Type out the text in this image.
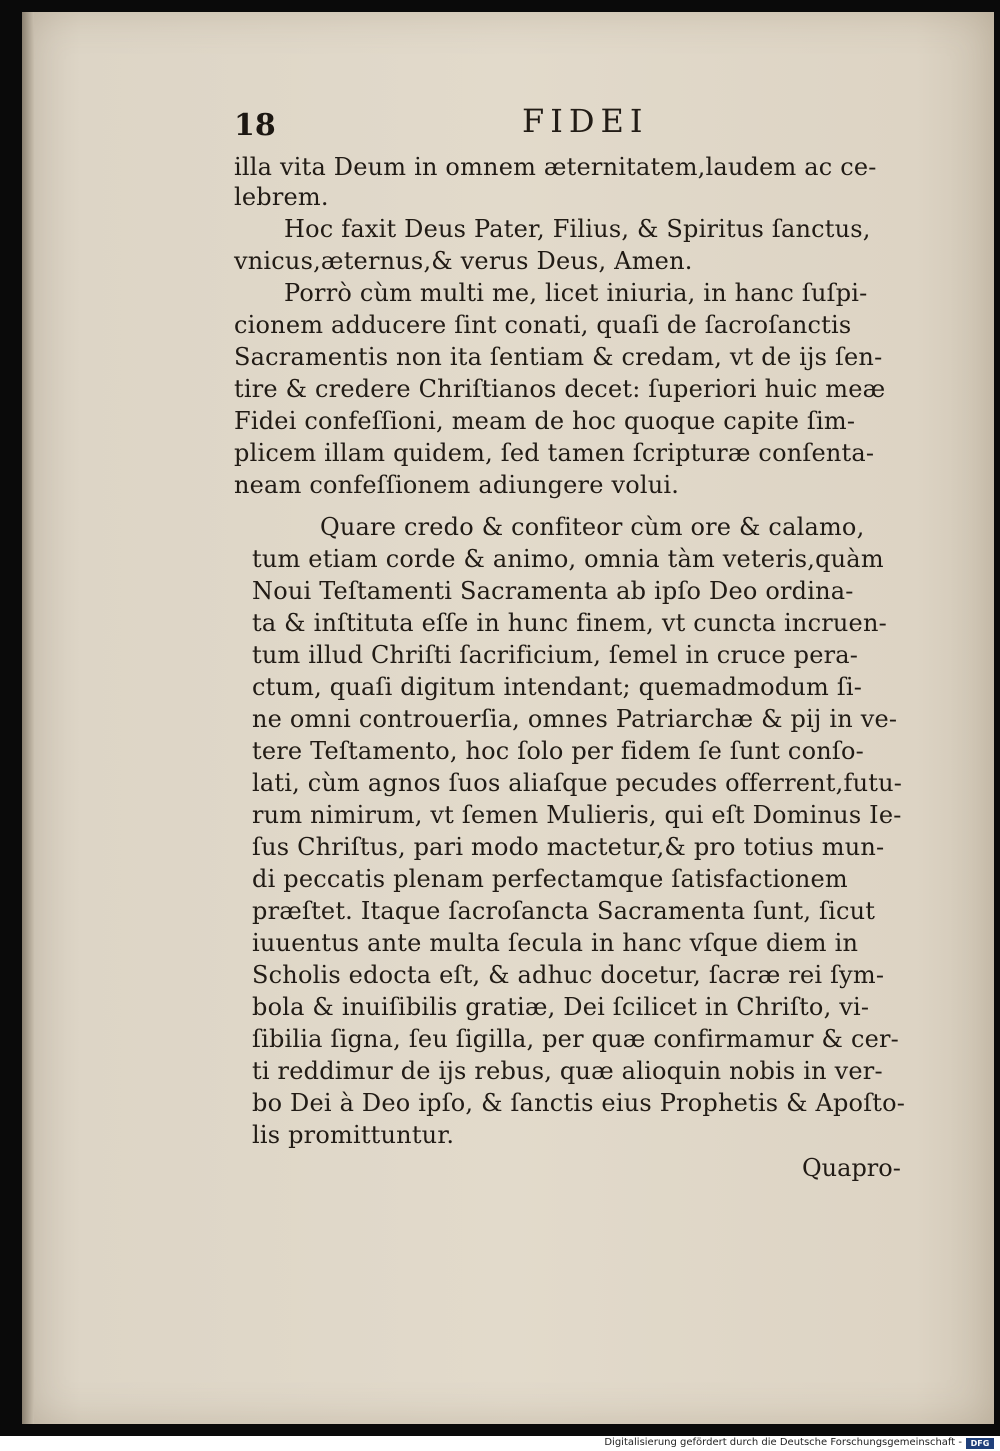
18	FIDEI
illa vita Deum in omnem æternitatem,laudem ac ce-
lebrem.
Hoc faxit Deus Pater, Filius, & Spiritus ſanctus,
vnicus,æternus,& verus Deus, Amen.
Porrò cùm multi me, licet iniuria, in hanc ſuſpi-
cionem adducere ſint conati, quaſi de ſacroſanctis
Sacramentis non ita ſentiam & credam, vt de ijs ſen-
tire & credere Chriſtianos decet: ſuperiori huic meæ
Fidei confeſſioni, meam de hoc quoque capite ſim-
plicem illam quidem, ſed tamen ſcripturæ conſenta-
neam confeſſionem adiungere volui.
Quare credo & confiteor cùm ore & calamo,
tum etiam corde & animo, omnia tàm veteris,quàm
Noui Teſtamenti Sacramenta ab ipſo Deo ordina-
ta & inſtituta eſſe in hunc finem, vt cuncta incruen-
tum illud Chriſti ſacrificium, ſemel in cruce pera-
ctum, quaſi digitum intendant; quemadmodum ſi-
ne omni controuerſia, omnes Patriarchæ & pij in ve-
tere Teſtamento, hoc ſolo per fidem ſe ſunt conſo-
lati, cùm agnos ſuos aliaſque pecudes offerrent,futu-
rum nimirum, vt ſemen Mulieris, qui eſt Dominus Ie-
ſus Chriſtus, pari modo mactetur,& pro totius mun-
di peccatis plenam perfectamque ſatisfactionem
præſtet. Itaque ſacroſancta Sacramenta ſunt, ſicut
iuuentus ante multa ſecula in hanc vſque diem in
Scholis edocta eſt, & adhuc docetur, ſacræ rei ſym-
bola & inuiſibilis gratiæ, Dei ſcilicet in Chriſto, vi-
ſibilia ſigna, ſeu ſigilla, per quæ confirmamur & cer-
ti reddimur de ijs rebus, quæ alioquin nobis in ver-
bo Dei à Deo ipſo, & ſanctis eius Prophetis & Apoſto-
lis promittuntur.
Quapro-
Digitalisierung gefördert durch die Deutsche Forschungsgemeinschaft -	DFG
